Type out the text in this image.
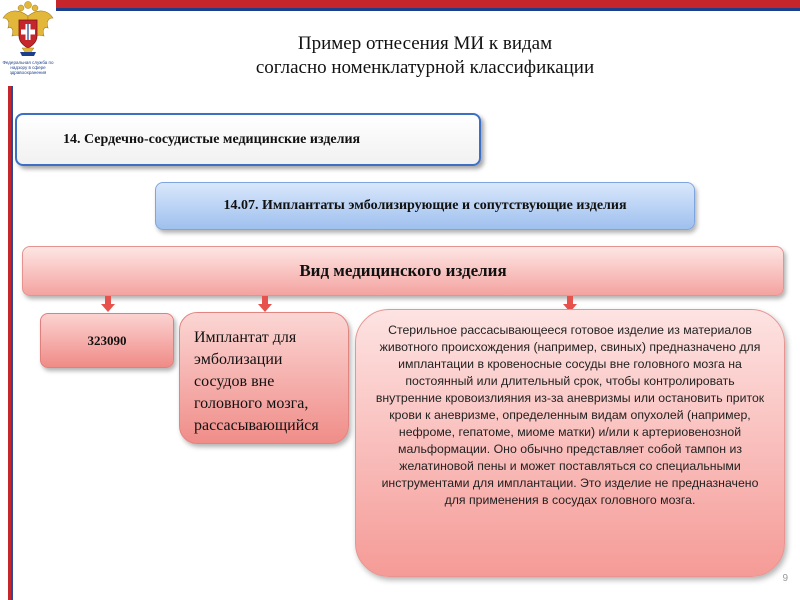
Федеральная служба по надзору в сфере здравоохранения
Пример отнесения МИ к видам
согласно номенклатурной классификации
14. Сердечно-сосудистые медицинские изделия
14.07. Имплантаты эмболизирующие и сопутствующие изделия
Вид медицинского изделия
323090	Имплантат для эмболизации сосудов вне головного мозга, рассасывающийся
Стерильное рассасывающееся готовое изделие из материалов животного происхождения (например, свиных) предназначено для имплантации в кровеносные сосуды вне головного мозга на постоянный или длительный срок, чтобы контролировать внутренние кровоизлияния из-за аневризмы или остановить приток крови к аневризме, определенным видам опухолей (например, нефроме, гепатоме, миоме матки) и/или к артериовенозной мальформации. Оно обычно представляет собой тампон из желатиновой пены и может поставляться со специальными инструментами для имплантации. Это изделие не предназначено для применения в сосудах головного мозга.
9
